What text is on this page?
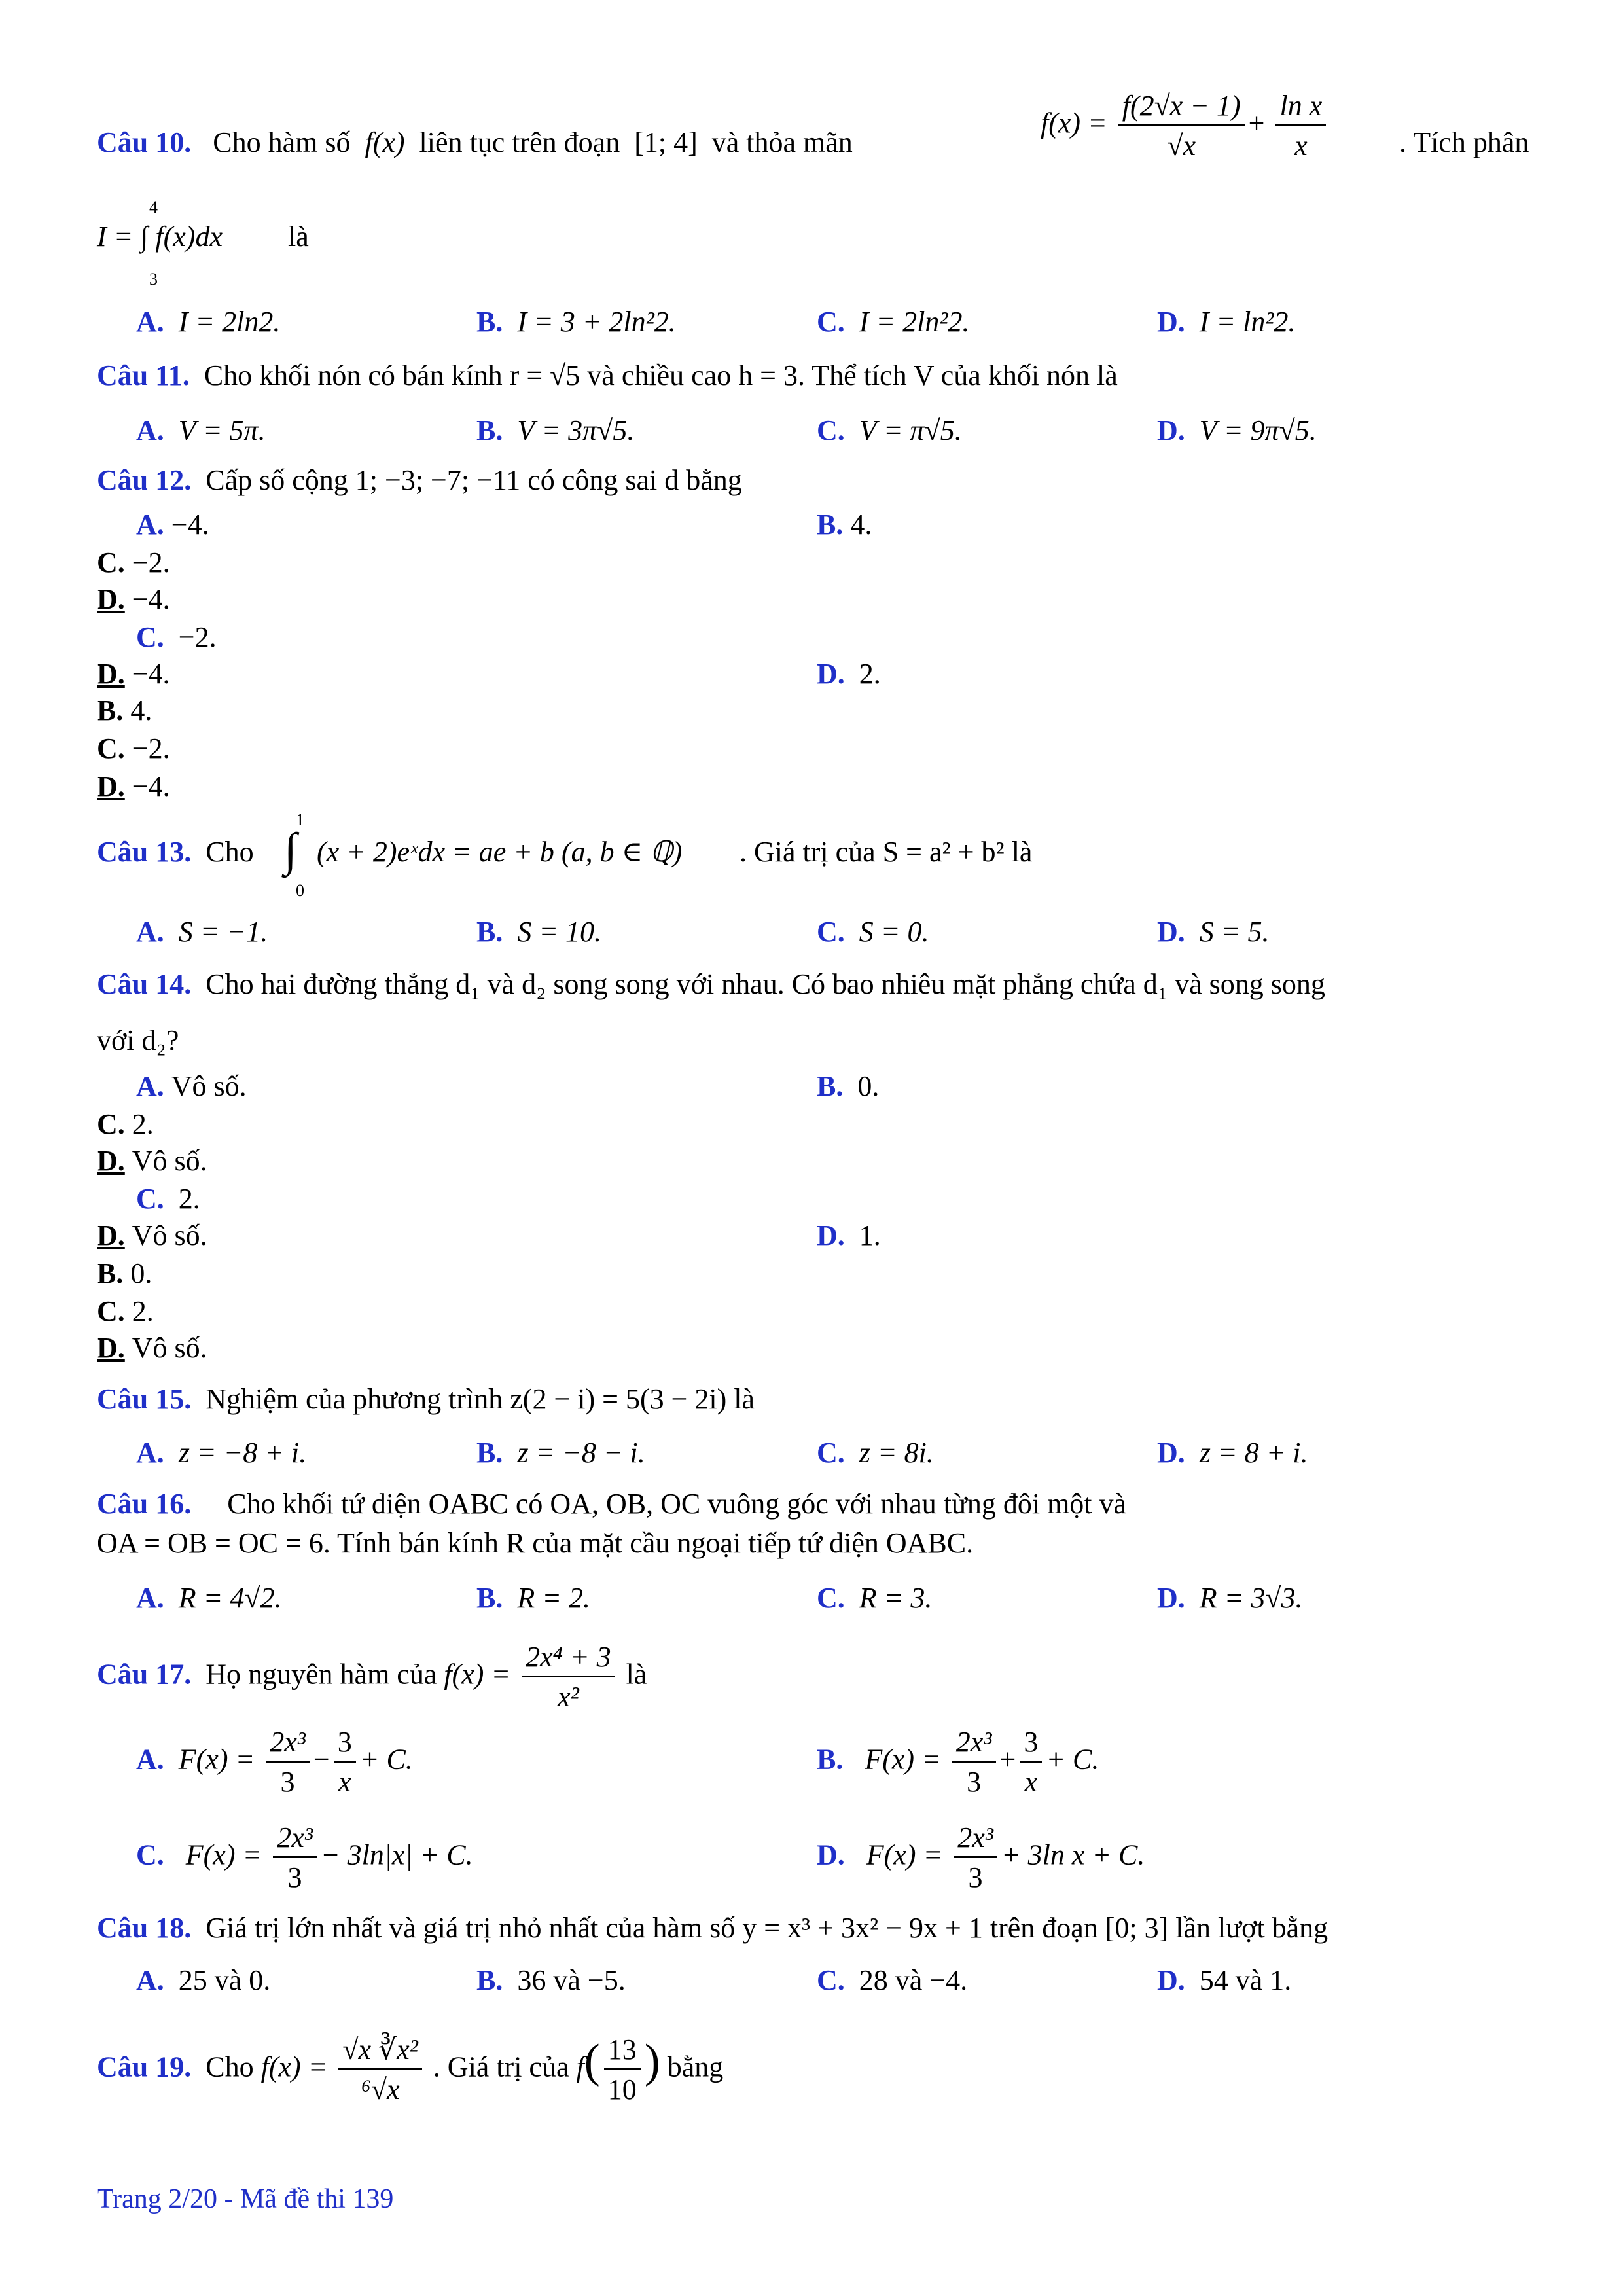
Câu 10. Cho hàm số f(x) liên tục trên đoạn [1; 4] và thỏa mãn
$f(x) = \frac{f(2√x - 1)}{√x} + \frac{\text{ln x}}{x}$	. Tích phân
4
3
I = ∫ f(x)dx là
A. I = 2ln2.	B. I = 3 + 2ln²2.	C. I = 2ln²2.	D. I = ln²2.
Câu 11. Cho khối nón có bán kính r = √5 và chiều cao h = 3. Thể tích V của khối nón là
A. V = 5π.	B. V = 3π√5.	C. V = π√5.	D. V = 9π√5.
Câu 12. Cấp số cộng 1; −3; −7; −11 có công sai d bằng
A. −4.	B. 4.
C. −2.
D. −4.
C. −2.
D. −4.	D. 2.
B. 4.
C. −2.
D. −4.
Câu 13. Cho
1
∫
0
(x + 2)eˣdx = ae + b (a, b ∈ ℚ) . Giá trị của S = a² + b² là
A. S = −1.	B. S = 10.	C. S = 0.	D. S = 5.
Câu 14. Cho hai đường thẳng d₁ và d₂ song song với nhau. Có bao nhiêu mặt phẳng chứa d₁ và song song
với d₂?
A. Vô số.	B. 0.
C. 2.
D. Vô số.
C. 2.
D. Vô số.	D. 1.
B. 0.
C. 2.
D. Vô số.
Câu 15. Nghiệm của phương trình z(2 − i) = 5(3 − 2i) là
A. z = −8 + i.	B. z = −8 − i.	C. z = 8i.	D. z = 8 + i.
Câu 16. Cho khối tứ diện OABC có OA, OB, OC vuông góc với nhau từng đôi một và
OA = OB = OC = 6. Tính bán kính R của mặt cầu ngoại tiếp tứ diện OABC.
A. R = 4√2.	B. R = 2.	C. R = 3.	D. R = 3√3.
Câu 17. Họ nguyên hàm của $f(x) = \frac{\text{2x⁴ + 3}}{\text{x²}}$ là
A. $F(x) = \frac{\text{2x³}}{3} - \frac{3}{x} + C$.	B. $F(x) = \frac{\text{2x³}}{3} + \frac{3}{x} + C$.
C. $F(x) = \frac{\text{2x³}}{3} - 3\ln|x| + C$.	D. $F(x) = \frac{\text{2x³}}{3} + 3\ln$ x + C.
Câu 18. Giá trị lớn nhất và giá trị nhỏ nhất của hàm số y = x³ + 3x² − 9x + 1 trên đoạn [0; 3] lần lượt bằng
A. 25 và 0.	B. 36 và −5.	C. 28 và −4.	D. 54 và 1.
Câu 19. Cho $f(x) = \frac{\text{√x ∛x²}}{\text{⁶√x}}$ . Giá trị của $f( \frac{13}{10}$ ) bằng
Trang 2/20 - Mã đề thi 139
